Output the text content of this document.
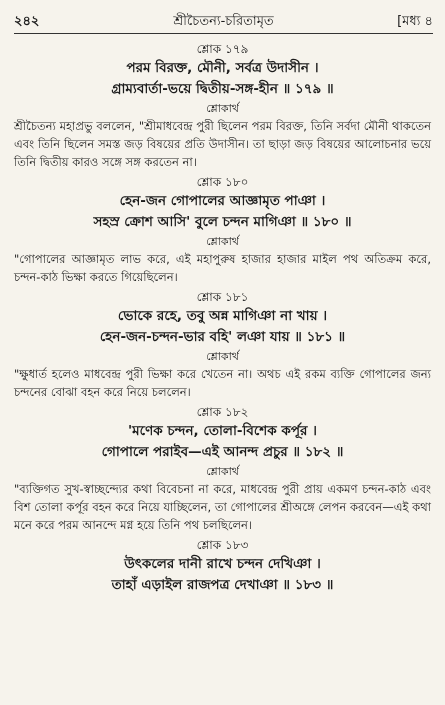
২৪২	শ্রীচৈতন্য-চরিতামৃত	[মধ্য ৪
শ্লোক ১৭৯
পরম বিরক্ত, মৌনী, সর্বত্র উদাসীন ।
গ্রাম্যবার্তা-ভয়ে দ্বিতীয়-সঙ্গ-হীন ॥ ১৭৯ ॥
শ্লোকার্থ
শ্রীচৈতন্য মহাপ্রভু বললেন, "শ্রীমাধবেন্দ্র পুরী ছিলেন পরম বিরক্ত, তিনি সর্বদা মৌনী থাকতেন এবং তিনি ছিলেন সমস্ত জড় বিষয়ের প্রতি উদাসীন। তা ছাড়া জড় বিষয়ের আলোচনার ভয়ে তিনি দ্বিতীয় কারও সঙ্গে সঙ্গ করতেন না।
শ্লোক ১৮০
হেন-জন গোপালের আজ্ঞামৃত পাঞা ।
সহস্র ক্রোশ আসি' বুলে চন্দন মাগিঞা ॥ ১৮০ ॥
শ্লোকার্থ
"গোপালের আজ্ঞামৃত লাভ করে, এই মহাপুরুষ হাজার হাজার মাইল পথ অতিক্রম করে, চন্দন-কাঠ ভিক্ষা করতে গিয়েছিলেন।
শ্লোক ১৮১
ভোকে রহে, তবু অন্ন মাগিঞা না খায় ।
হেন-জন-চন্দন-ভার বহি' লঞা যায় ॥ ১৮১ ॥
শ্লোকার্থ
"ক্ষুধার্ত হলেও মাধবেন্দ্র পুরী ভিক্ষা করে খেতেন না। অথচ এই রকম ব্যক্তি গোপালের জন্য চন্দনের বোঝা বহন করে নিয়ে চললেন।
শ্লোক ১৮২
'মণেক চন্দন, তোলা-বিশেক কর্পূর ।
গোপালে পরাইব—এই আনন্দ প্রচুর ॥ ১৮২ ॥
শ্লোকার্থ
"ব্যক্তিগত সুখ-স্বাচ্ছন্দ্যের কথা বিবেচনা না করে, মাধবেন্দ্র পুরী প্রায় একমণ চন্দন-কাঠ এবং বিশ তোলা কর্পূর বহন করে নিয়ে যাচ্ছিলেন, তা গোপালের শ্রীঅঙ্গে লেপন করবেন—এই কথা মনে করে পরম আনন্দে মগ্ন হয়ে তিনি পথ চলছিলেন।
শ্লোক ১৮৩
উৎকলের দানী রাখে চন্দন দেখিঞা ।
তাহাঁ এড়াইল রাজপত্র দেখাঞা ॥ ১৮৩ ॥
